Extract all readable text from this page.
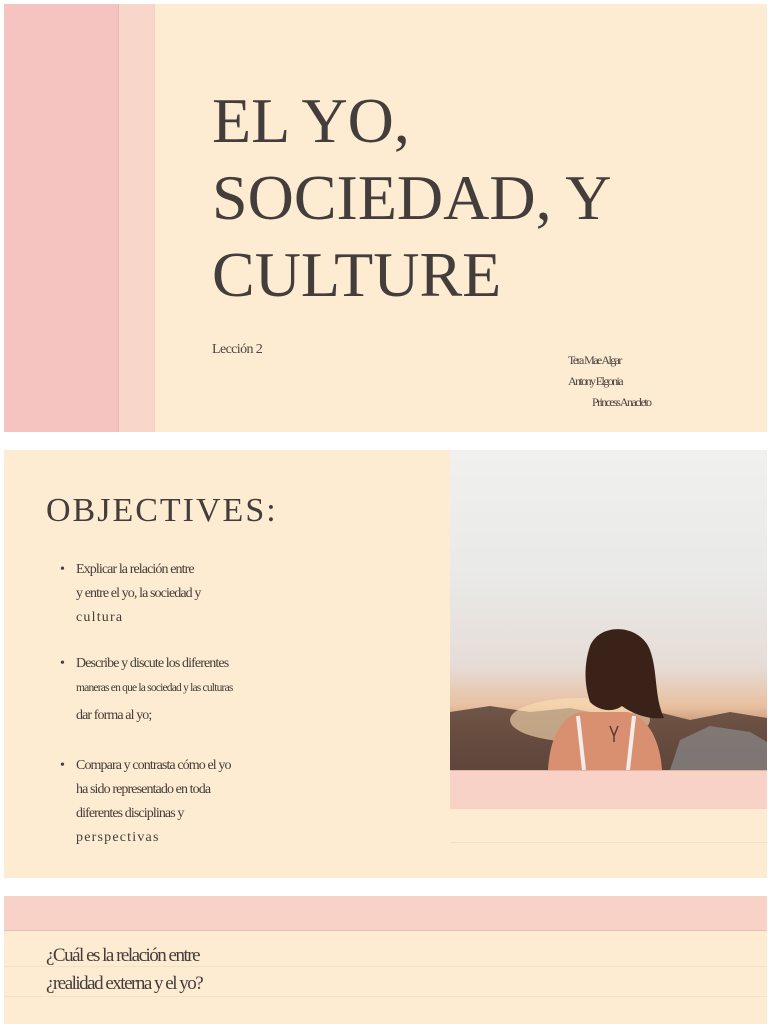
EL YO,
SOCIEDAD, Y
CULTURE
Lección 2
Tera Mae Algar
Antony Elgonia
Princess Anacleto
OBJECTIVES:
• Explicar la relación entre
y entre el yo, la sociedad y
cultura
• Describe y discute los diferentes
maneras en que la sociedad y las culturas
dar forma al yo;
• Compara y contrasta cómo el yo
ha sido representado en toda
diferentes disciplinas y
perspectivas
¿Cuál es la relación entre
¿realidad externa y el yo?
